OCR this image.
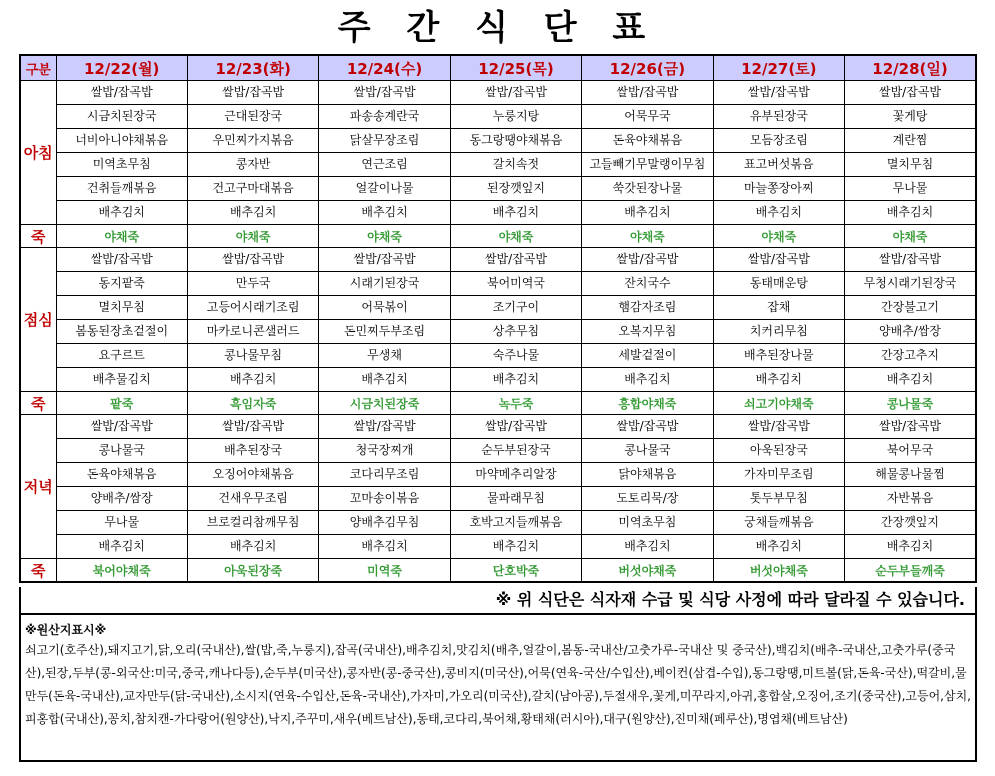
주 간 식 단 표
구분	12/22(월)	12/23(화)	12/24(수)	12/25(목)	12/26(금)	12/27(토)	12/28(일)
아침	쌀밥/잡곡밥	쌀밥/잡곡밥	쌀밥/잡곡밥	쌀밥/잡곡밥	쌀밥/잡곡밥	쌀밥/잡곡밥	쌀밥/잡곡밥
	시금치된장국	근대된장국	파송송계란국	누룽지탕	어묵무국	유부된장국	꽃게탕
	너비아니야채볶음	우민찌가지볶음	닭살무장조림	동그랑땡야채볶음	돈육야채볶음	모듬장조림	계란찜
	미역초무침	콩자반	연근조림	갈치속젓	고들빼기무말랭이무침	표고버섯볶음	멸치무침
	건취들깨볶음	건고구마대볶음	얼갈이나물	된장깻잎지	쑥갓된장나물	마늘쫑장아찌	무나물
	배추김치	배추김치	배추김치	배추김치	배추김치	배추김치	배추김치
죽	야채죽	야채죽	야채죽	야채죽	야채죽	야채죽	야채죽
점심	쌀밥/잡곡밥	쌀밥/잡곡밥	쌀밥/잡곡밥	쌀밥/잡곡밥	쌀밥/잡곡밥	쌀밥/잡곡밥	쌀밥/잡곡밥
	동지팥죽	만두국	시래기된장국	북어미역국	잔치국수	동태매운탕	무청시래기된장국
	멸치무침	고등어시래기조림	어묵볶이	조기구이	햄감자조림	잡채	간장불고기
	봄동된장초겉절이	마카로니콘샐러드	돈민찌두부조림	상추무침	오복지무침	치커리무침	양배추/쌈장
	요구르트	콩나물무침	무생채	숙주나물	세발겉절이	배추된장나물	간장고추지
	배추물김치	배추김치	배추김치	배추김치	배추김치	배추김치	배추김치
죽	팥죽	흑임자죽	시금치된장죽	녹두죽	흥합야채죽	쇠고기야채죽	콩나물죽
저녁	쌀밥/잡곡밥	쌀밥/잡곡밥	쌀밥/잡곡밥	쌀밥/잡곡밥	쌀밥/잡곡밥	쌀밥/잡곡밥	쌀밥/잡곡밥
	콩나물국	배추된장국	청국장찌개	순두부된장국	콩나물국	아욱된장국	북어무국
	돈육야채볶음	오징어야채볶음	코다리무조림	마약메추리알장	닭야채볶음	가자미무조림	해물콩나물찜
	양배추/쌈장	건새우무조림	꼬마송이볶음	물파래무침	도토리묵/장	톳두부무침	자반볶음
	무나물	브로컬리참깨무침	양배추김무침	호박고지들깨볶음	미역초무침	궁채들깨볶음	간장깻잎지
	배추김치	배추김치	배추김치	배추김치	배추김치	배추김치	배추김치
죽	북어야채죽	아욱된장죽	미역죽	단호박죽	버섯야채죽	버섯야채죽	순두부들깨죽
※ 위 식단은 식자재 수급 및 식당 사정에 따라 달라질 수 있습니다.
※원산지표시※
쇠고기(호주산),돼지고기,닭,오리(국내산),쌀(밥,죽,누룽지),잡곡(국내산),배추김치,맛김치(배추,얼갈이,봄동-국내산/고춧가루-국내산 및 중국산),백김치(배추-국내산,고춧가루(중국산),된장,두부(콩-외국산:미국,중국,캐나다등),순두부(미국산),콩자반(콩-중국산),콩비지(미국산),어묵(연육-국산/수입산),베이컨(삼겹-수입),동그랑땡,미트볼(닭,돈육-국산),떡갈비,물만두(돈육-국내산),교자만두(닭-국내산),소시지(연육-수입산,돈육-국내산),가자미,가오리(미국산),갈치(남아공),두절새우,꽃게,미꾸라지,아귀,홍합살,오징어,조기(중국산),고등어,삼치,피홍합(국내산),꽁치,참치캔-가다랑어(원양산),낙지,주꾸미,새우(베트남산),동태,코다리,북어채,황태채(러시아),대구(원양산),진미채(페루산),명엽채(베트남산)
